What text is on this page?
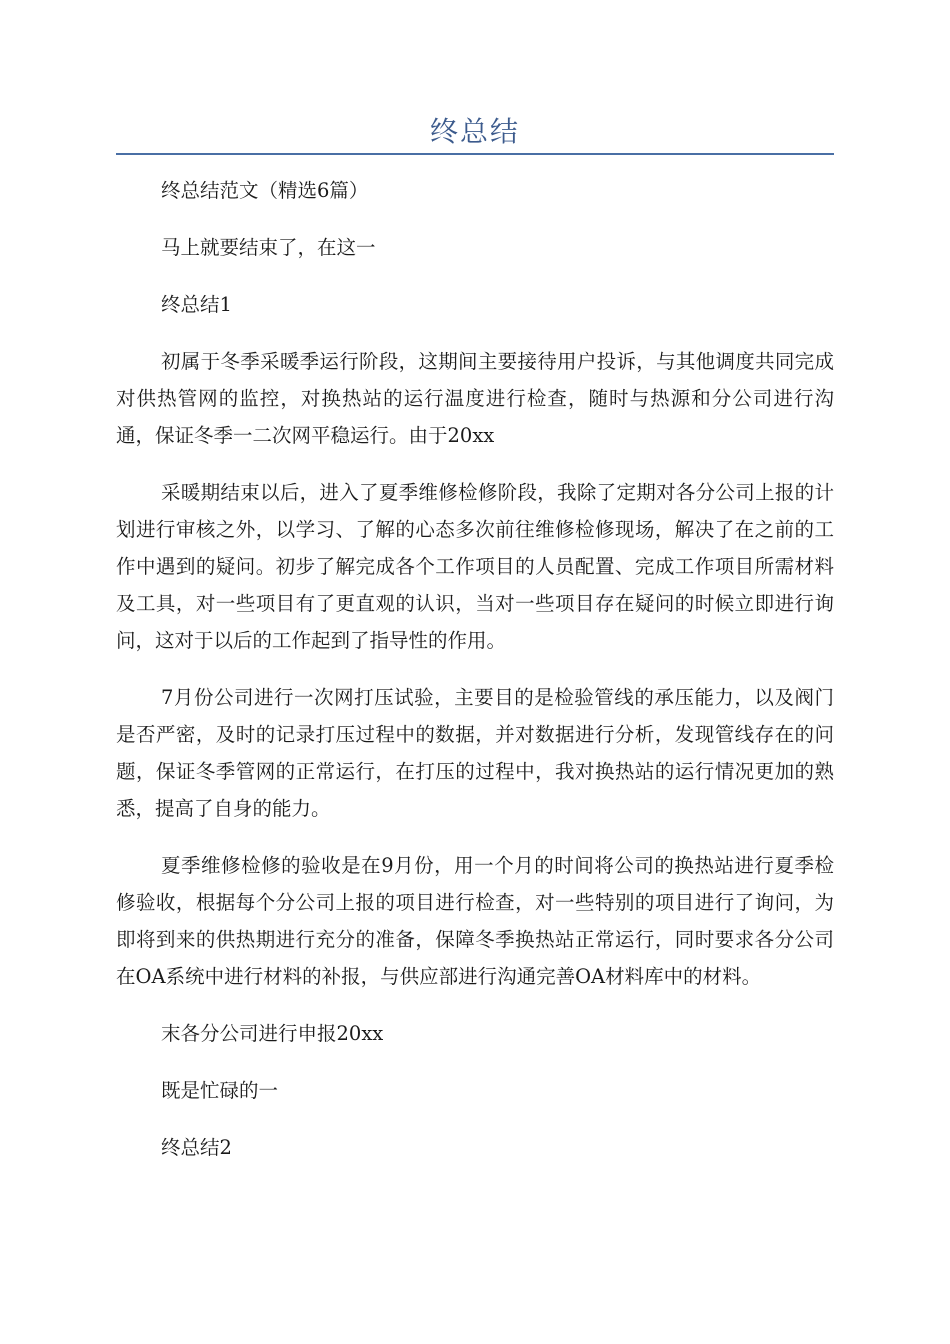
终总结

终总结范文（精选6篇）

马上就要结束了，在这一

终总结1

初属于冬季采暖季运行阶段，这期间主要接待用户投诉，与其他调度共同完成对供热管网的监控，对换热站的运行温度进行检查，随时与热源和分公司进行沟通，保证冬季一二次网平稳运行。由于20xx

采暖期结束以后，进入了夏季维修检修阶段，我除了定期对各分公司上报的计划进行审核之外，以学习、了解的心态多次前往维修检修现场，解决了在之前的工作中遇到的疑问。初步了解完成各个工作项目的人员配置、完成工作项目所需材料及工具，对一些项目有了更直观的认识，当对一些项目存在疑问的时候立即进行询问，这对于以后的工作起到了指导性的作用。

7月份公司进行一次网打压试验，主要目的是检验管线的承压能力，以及阀门是否严密，及时的记录打压过程中的数据，并对数据进行分析，发现管线存在的问题，保证冬季管网的正常运行，在打压的过程中，我对换热站的运行情况更加的熟悉，提高了自身的能力。

夏季维修检修的验收是在9月份，用一个月的时间将公司的换热站进行夏季检修验收，根据每个分公司上报的项目进行检查，对一些特别的项目进行了询问，为即将到来的供热期进行充分的准备，保障冬季换热站正常运行，同时要求各分公司在OA系统中进行材料的补报，与供应部进行沟通完善OA材料库中的材料。

末各分公司进行申报20xx

既是忙碌的一

终总结2
